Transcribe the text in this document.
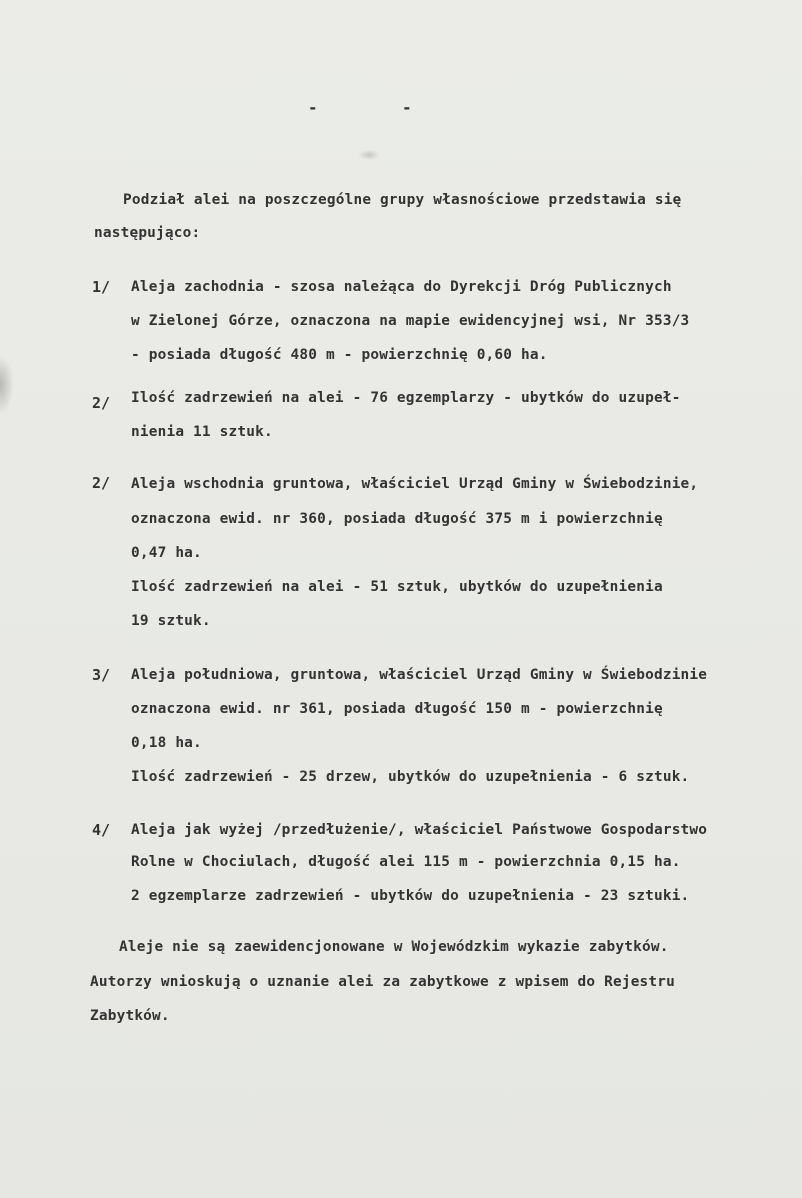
-	-
Podział alei na poszczególne grupy własnościowe przedstawia się
następująco:
1/ Aleja zachodnia - szosa należąca do Dyrekcji Dróg Publicznych
w Zielonej Górze, oznaczona na mapie ewidencyjnej wsi, Nr 353/3
- posiada długość 480 m - powierzchnię 0,60 ha.
2/ Ilość zadrzewień na alei - 76 egzemplarzy - ubytków do uzupeł-
nienia 11 sztuk.
2/ Aleja wschodnia gruntowa, właściciel Urząd Gminy w Świebodzinie,
oznaczona ewid. nr 360, posiada długość 375 m i powierzchnię
0,47 ha.
Ilość zadrzewień na alei - 51 sztuk, ubytków do uzupełnienia
19 sztuk.
3/ Aleja południowa, gruntowa, właściciel Urząd Gminy w Świebodzinie
oznaczona ewid. nr 361, posiada długość 150 m - powierzchnię
0,18 ha.
Ilość zadrzewień - 25 drzew, ubytków do uzupełnienia - 6 sztuk.
4/ Aleja jak wyżej /przedłużenie/, właściciel Państwowe Gospodarstwo
Rolne w Chociulach, długość alei 115 m - powierzchnia 0,15 ha.
2 egzemplarze zadrzewień - ubytków do uzupełnienia - 23 sztuki.
Aleje nie są zaewidencjonowane w Wojewódzkim wykazie zabytków.
Autorzy wnioskują o uznanie alei za zabytkowe z wpisem do Rejestru
Zabytków.
